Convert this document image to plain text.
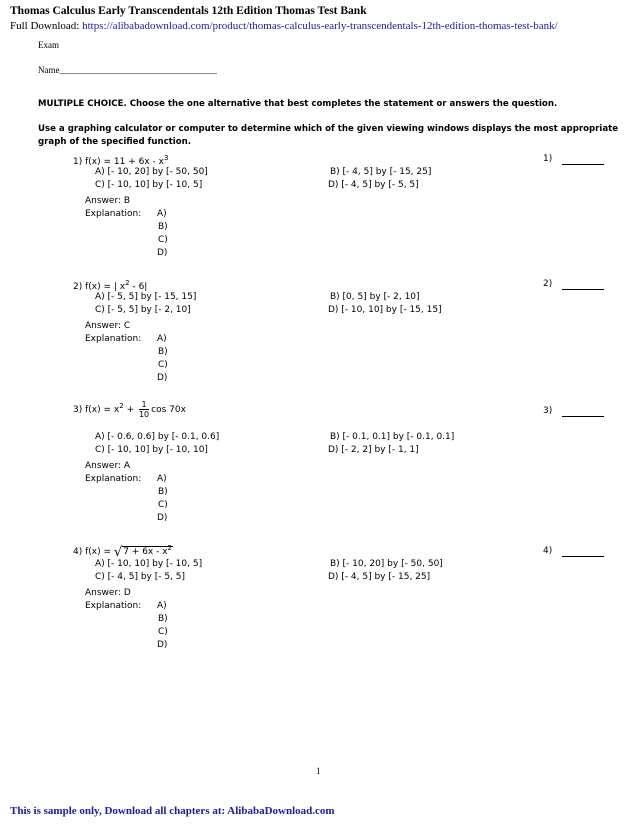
Thomas Calculus Early Transcendentals 12th Edition Thomas Test Bank
Full Download: https://alibabadownload.com/product/thomas-calculus-early-transcendentals-12th-edition-thomas-test-bank/
Exam
Name___________________________________
MULTIPLE CHOICE. Choose the one alternative that best completes the statement or answers the question.
Use a graphing calculator or computer to determine which of the given viewing windows displays the most appropriate
graph of the specified function.
1) $f(x) = 11 + 6x - x^3$	1)
A) [- 10, 20] by [- 50, 50]	B) [- 4, 5] by [- 15, 25]
C) [- 10, 10] by [- 10, 5]	D) [- 4, 5] by [- 5, 5]
Answer: B
Explanation: A)
B)
C)
D)
2) f(x) = | $x^2 - 6|$	2)
A) [- 5, 5] by [- 15, 15]	B) [0, 5] by [- 2, 10]
C) [- 5, 5] by [- 2, 10]	D) [- 10, 10] by [- 15, 15]
Answer: C
Explanation: A)
B)
C)
D)
3) $f(x) = x^2 + \frac{1}{10}$ cos 70x	3)
A) [- 0.6, 0.6] by [- 0.1, 0.6]	B) [- 0.1, 0.1] by [- 0.1, 0.1]
C) [- 10, 10] by [- 10, 10]	D) [- 2, 2] by [- 1, 1]
Answer: A
Explanation: A)
B)
C)
D)
4) $f(x) = √7 + 6x - x^2$	4)
A) [- 10, 10] by [- 10, 5]	B) [- 10, 20] by [- 50, 50]
C) [- 4, 5] by [- 5, 5]	D) [- 4, 5] by [- 15, 25]
Answer: D
Explanation: A)
B)
C)
D)
1
This is sample only, Download all chapters at: AlibabaDownload.com
